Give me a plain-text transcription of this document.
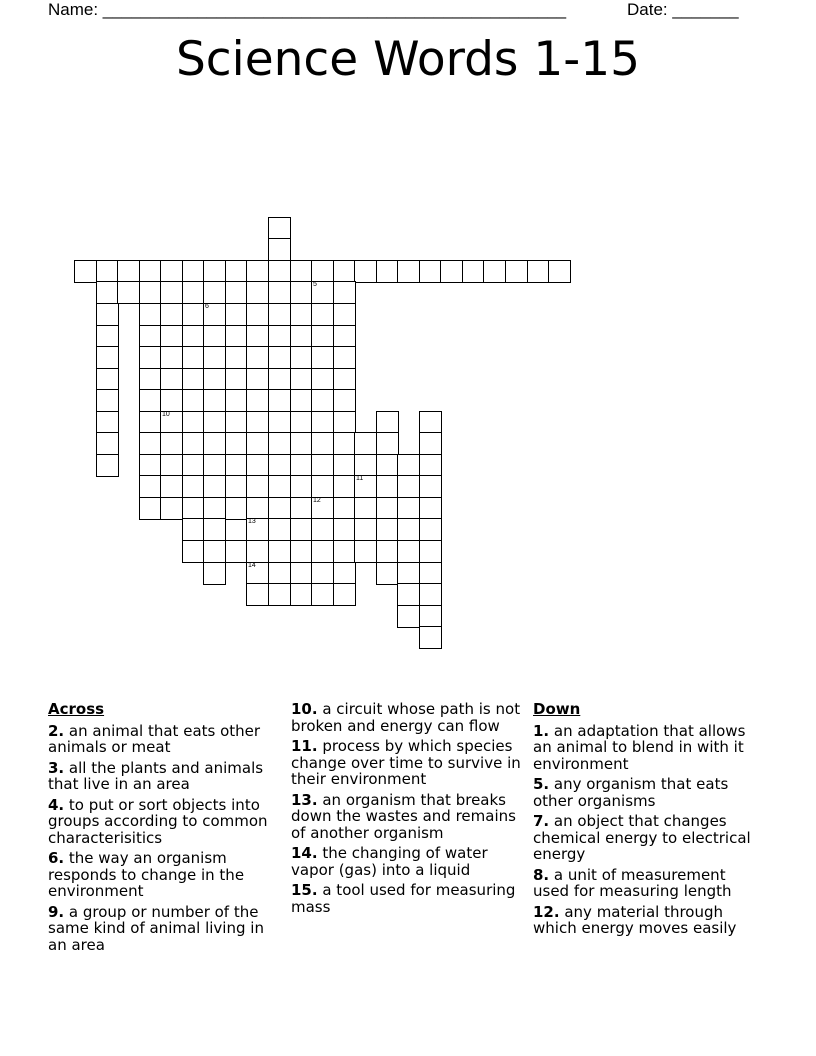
Name: _________________________________________________	Date: _______
Science Words 1-15
5
6
10
12
13
14
11
Across
2. an animal that eats other animals or meat
3. all the plants and animals that live in an area
4. to put or sort objects into groups according to common characterisitics
6. the way an organism responds to change in the environment
9. a group or number of the same kind of animal living in an area
10. a circuit whose path is not broken and energy can flow
11. process by which species change over time to survive in their environment
13. an organism that breaks down the wastes and remains of another organism
14. the changing of water vapor (gas) into a liquid
15. a tool used for measuring mass
Down
1. an adaptation that allows an animal to blend in with it environment
5. any organism that eats other organisms
7. an object that changes chemical energy to electrical energy
8. a unit of measurement used for measuring length
12. any material through which energy moves easily
